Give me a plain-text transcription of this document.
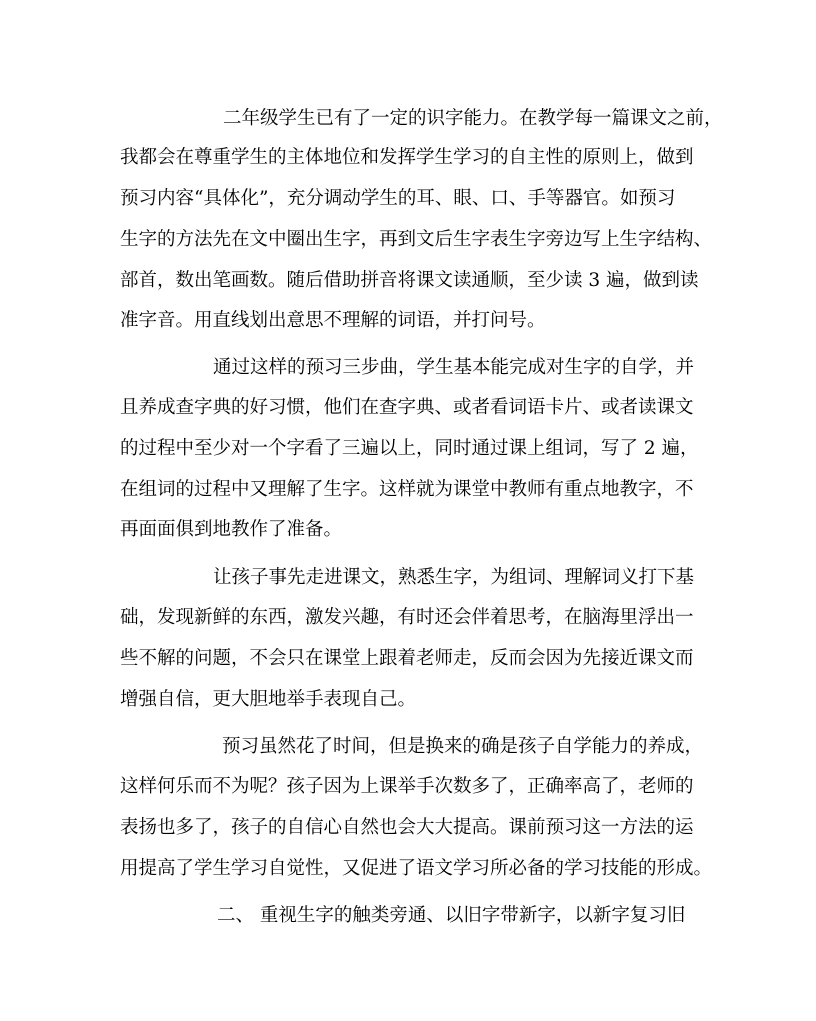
二年级学生已有了一定的识字能力。在教学每一篇课文之前，
我都会在尊重学生的主体地位和发挥学生学习的自主性的原则上，做到
预习内容“具体化”，充分调动学生的耳、眼、口、手等器官。如预习
生字的方法先在文中圈出生字，再到文后生字表生字旁边写上生字结构、
部首，数出笔画数。随后借助拼音将课文读通顺，至少读 3 遍，做到读
准字音。用直线划出意思不理解的词语，并打问号。
通过这样的预习三步曲，学生基本能完成对生字的自学，并
且养成查字典的好习惯，他们在查字典、或者看词语卡片、或者读课文
的过程中至少对一个字看了三遍以上，同时通过课上组词，写了 2 遍，
在组词的过程中又理解了生字。这样就为课堂中教师有重点地教字，不
再面面俱到地教作了准备。
让孩子事先走进课文，熟悉生字，为组词、理解词义打下基
础，发现新鲜的东西，激发兴趣，有时还会伴着思考，在脑海里浮出一
些不解的问题，不会只在课堂上跟着老师走，反而会因为先接近课文而
增强自信，更大胆地举手表现自己。
预习虽然花了时间，但是换来的确是孩子自学能力的养成，
这样何乐而不为呢？孩子因为上课举手次数多了，正确率高了，老师的
表扬也多了，孩子的自信心自然也会大大提高。课前预习这一方法的运
用提高了学生学习自觉性，又促进了语文学习所必备的学习技能的形成。
二、 重视生字的触类旁通、以旧字带新字，以新字复习旧
